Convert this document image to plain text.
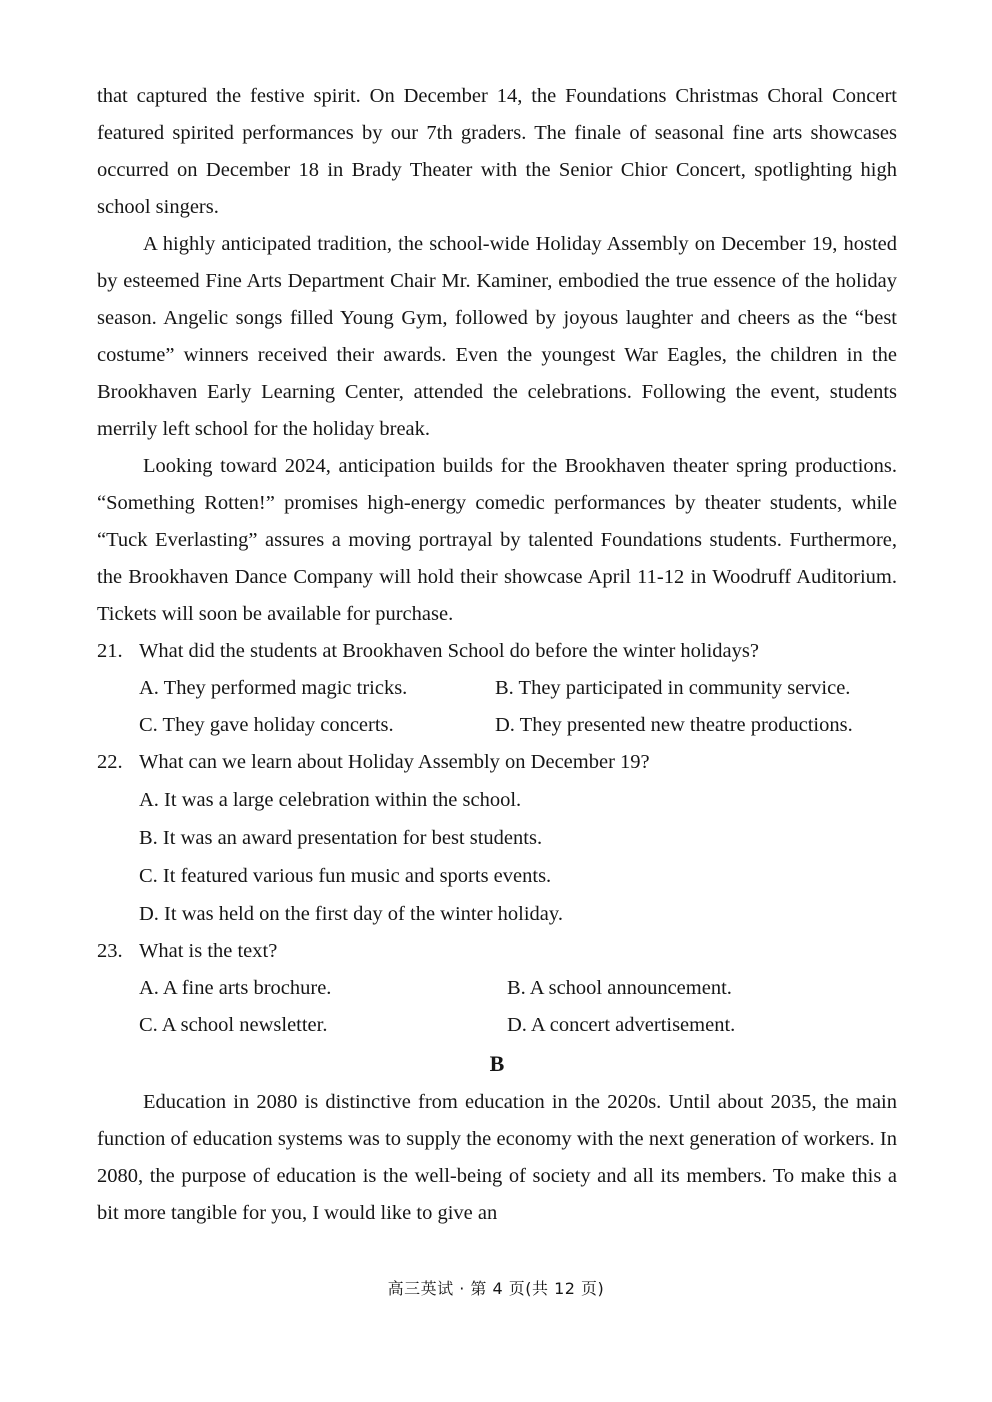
that captured the festive spirit. On December 14, the Foundations Christmas Choral Concert featured spirited performances by our 7th graders. The finale of seasonal fine arts showcases occurred on December 18 in Brady Theater with the Senior Chior Concert, spotlighting high school singers.

A highly anticipated tradition, the school-wide Holiday Assembly on December 19, hosted by esteemed Fine Arts Department Chair Mr. Kaminer, embodied the true essence of the holiday season. Angelic songs filled Young Gym, followed by joyous laughter and cheers as the “best costume” winners received their awards. Even the youngest War Eagles, the children in the Brookhaven Early Learning Center, attended the celebrations. Following the event, students merrily left school for the holiday break.

Looking toward 2024, anticipation builds for the Brookhaven theater spring productions. “Something Rotten!” promises high-energy comedic performances by theater students, while “Tuck Everlasting” assures a moving portrayal by talented Foundations students. Furthermore, the Brookhaven Dance Company will hold their showcase April 11-12 in Woodruff Auditorium. Tickets will soon be available for purchase.

21. What did the students at Brookhaven School do before the winter holidays?

A. They performed magic tricks.	B. They participated in community service.
C. They gave holiday concerts.	D. They presented new theatre productions.

22. What can we learn about Holiday Assembly on December 19?

A. It was a large celebration within the school.
B. It was an award presentation for best students.
C. It featured various fun music and sports events.
D. It was held on the first day of the winter holiday.

23. What is the text?

A. A fine arts brochure.	B. A school announcement.
C. A school newsletter.	D. A concert advertisement.

B

Education in 2080 is distinctive from education in the 2020s. Until about 2035, the main function of education systems was to supply the economy with the next generation of workers. In 2080, the purpose of education is the well-being of society and all its members. To make this a bit more tangible for you, I would like to give an

高三英试 · 第 4 页(共 12 页)
